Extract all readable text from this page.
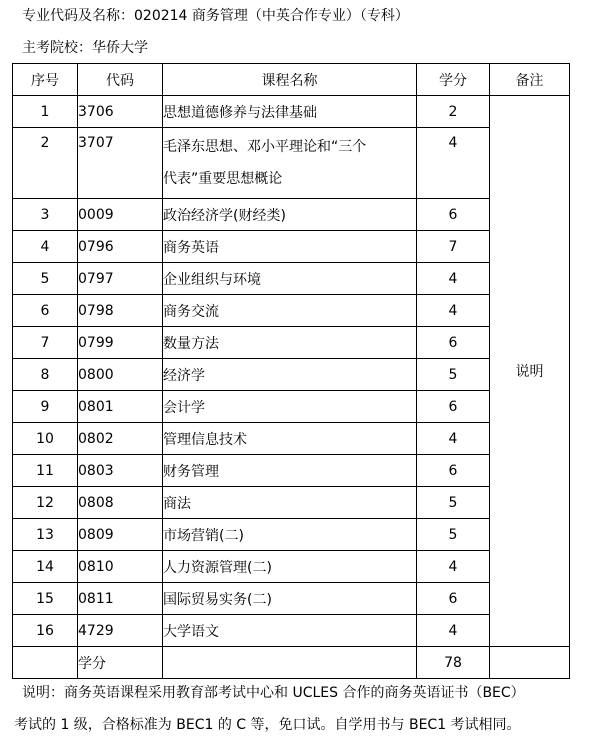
专业代码及名称：020214 商务管理（中英合作专业）（专科）
主考院校：华侨大学
序号	代码	课程名称	学分	备注
1	3706	思想道德修养与法律基础	2	说明
2	3707	毛泽东思想、邓小平理论和“三个
代表”重要思想概论	4	
3	0009	政治经济学(财经类)	6	
4	0796	商务英语	7	
5	0797	企业组织与环境	4	
6	0798	商务交流	4	
7	0799	数量方法	6	
8	0800	经济学	5	
9	0801	会计学	6	
10	0802	管理信息技术	4	
11	0803	财务管理	6	
12	0808	商法	5	
13	0809	市场营销(二)	5	
14	0810	人力资源管理(二)	4	
15	0811	国际贸易实务(二)	6	
16	4729	大学语文	4	
	学分		78	
说明：商务英语课程采用教育部考试中心和 UCLES 合作的商务英语证书（BEC）
考试的 1 级，合格标准为 BEC1 的 C 等，免口试。自学用书与 BEC1 考试相同。
